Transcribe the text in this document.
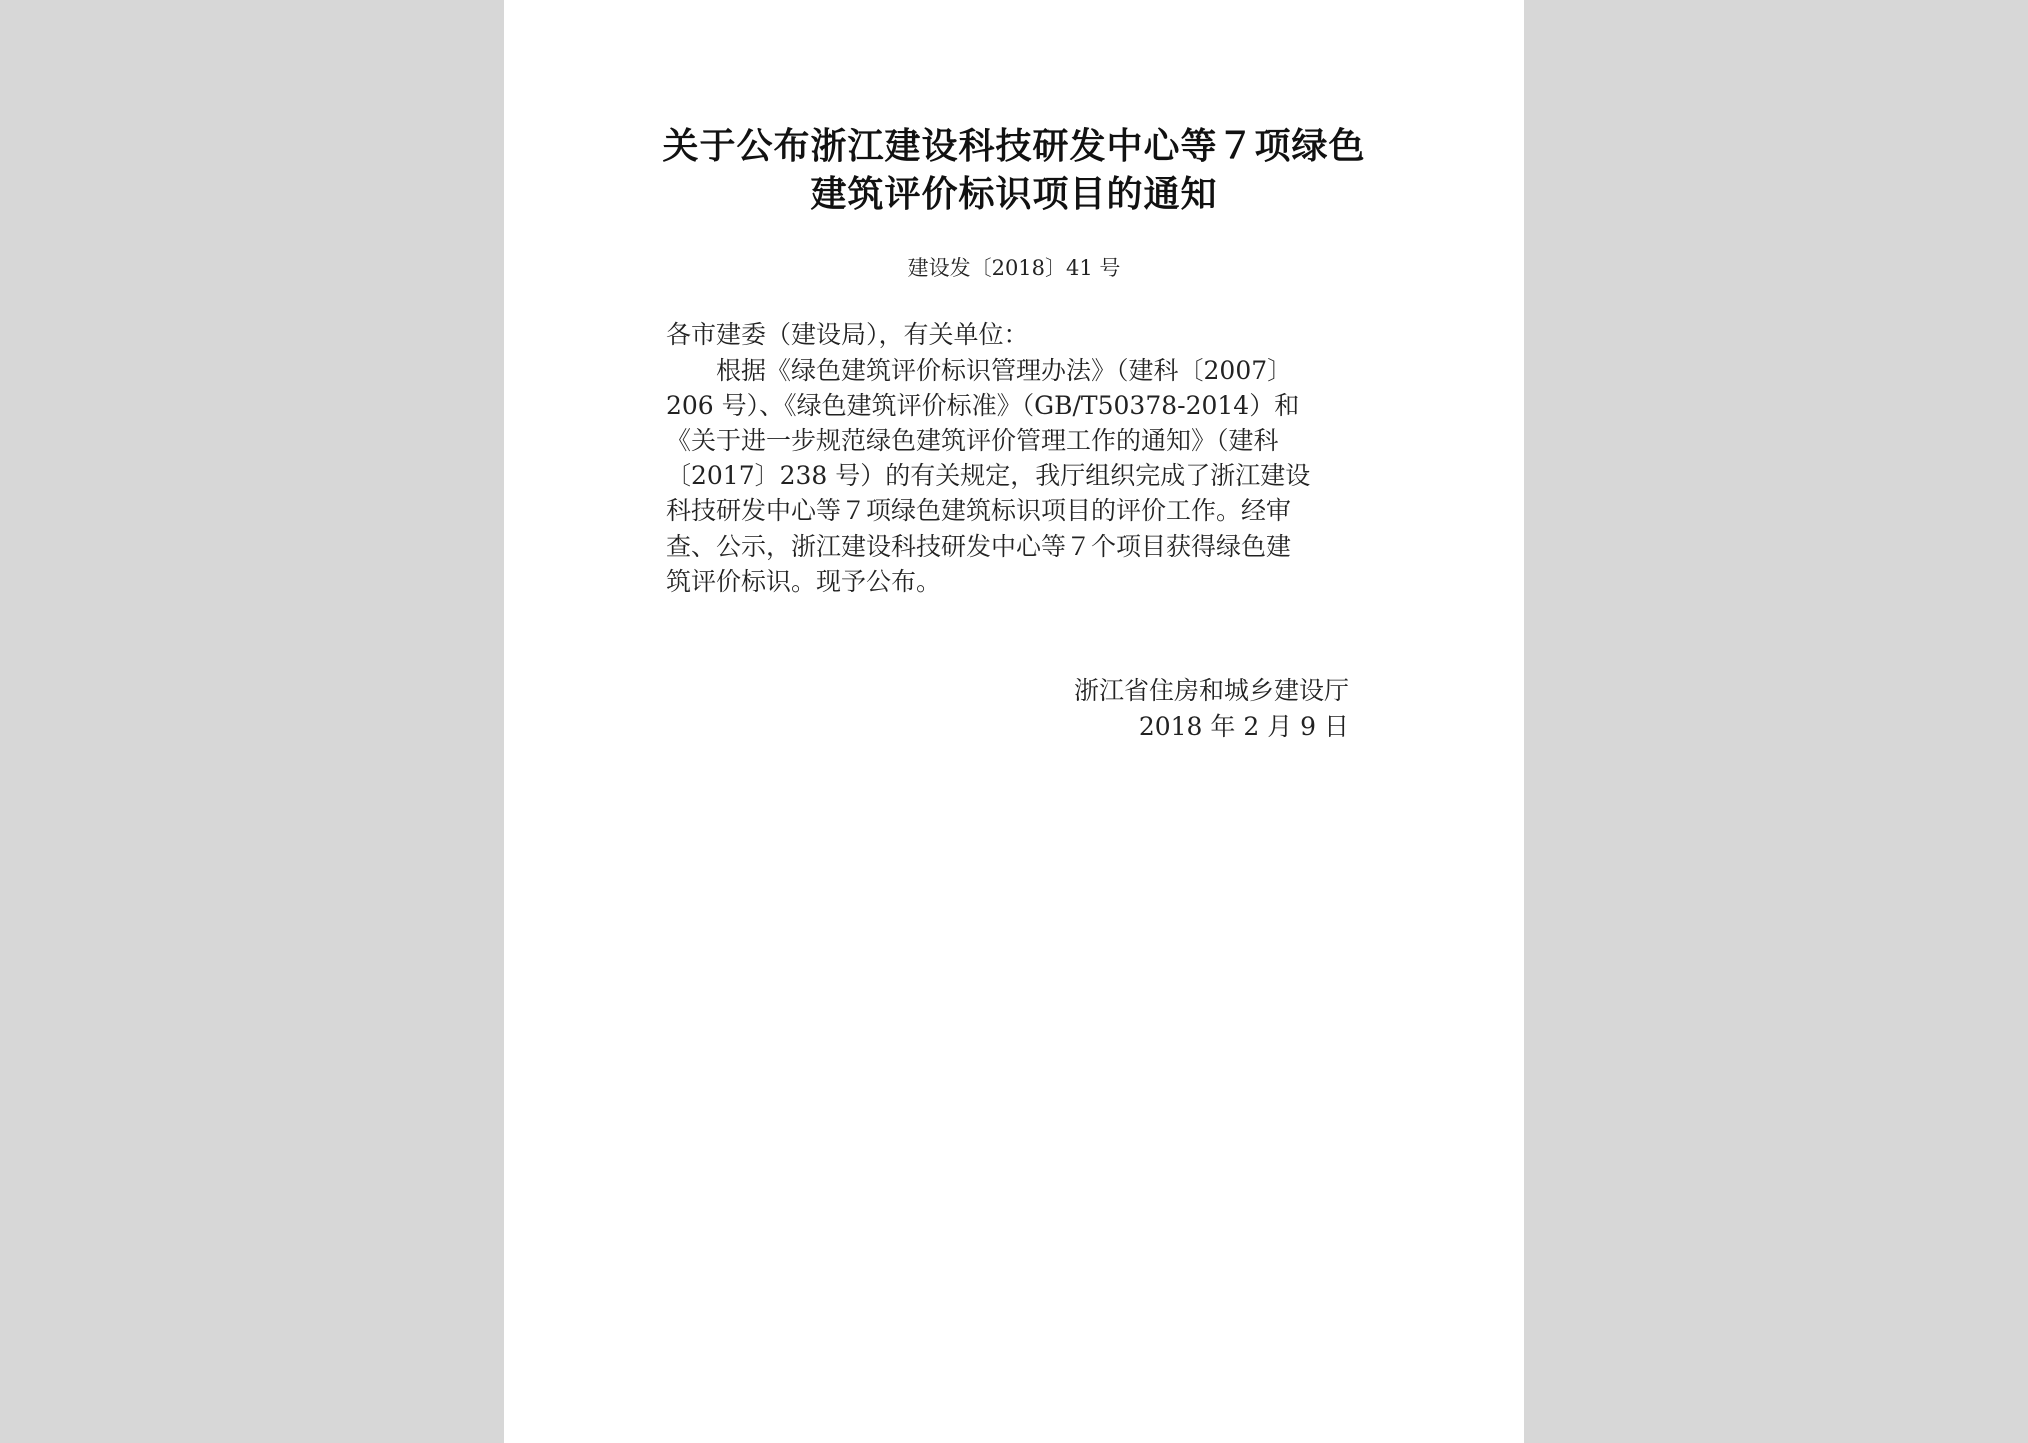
关于公布浙江建设科技研发中心等７项绿色
建筑评价标识项目的通知
建设发〔2018〕41 号
各市建委（建设局），有关单位：
　　根据《绿色建筑评价标识管理办法》（建科〔2007〕
206 号）、《绿色建筑评价标准》（GB/T50378-2014）和
《关于进一步规范绿色建筑评价管理工作的通知》（建科
〔2017〕238 号）的有关规定，我厅组织完成了浙江建设
科技研发中心等７项绿色建筑标识项目的评价工作。经审
查、公示，浙江建设科技研发中心等７个项目获得绿色建
筑评价标识。现予公布。
浙江省住房和城乡建设厅
2018 年 2 月 9 日
